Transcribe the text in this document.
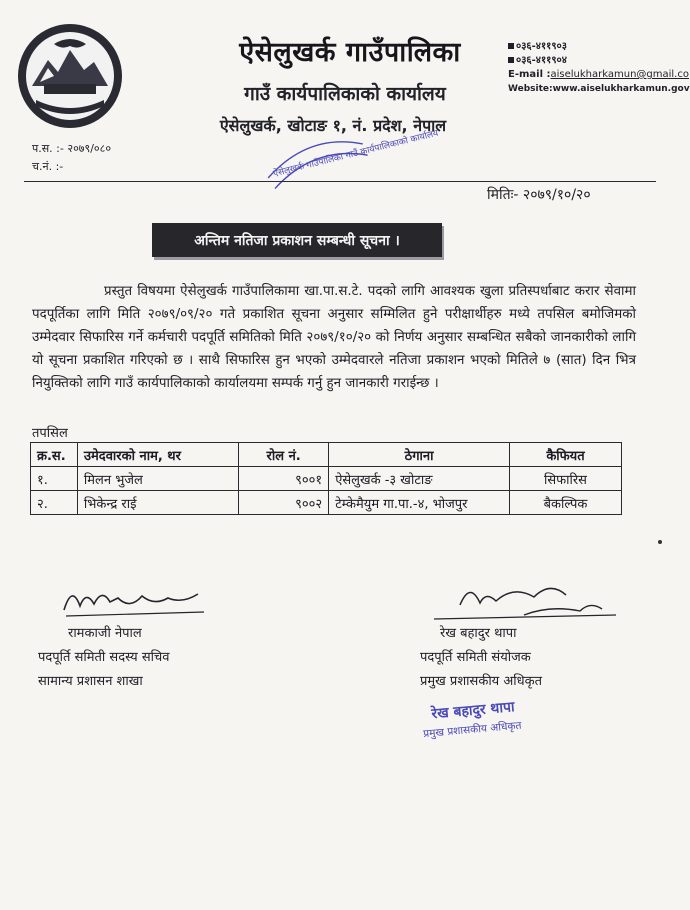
ऐसेलुखर्क गाउँपालिका
गाउँ कार्यपालिकाको कार्यालय
ऐसेलुखर्क, खोटाङ १, नं. प्रदेश, नेपाल
०३६-४११९०३
०३६-४११९०४
E-mail :aiselukharkamun@gmail.co
Website:www.aiselukharkamun.gov
प.स. :- २०७९/०८०
च.नं. :-	ऐसेलुखर्क गाउँपालिका गाउँ कार्यपालिकाको कार्यालय
मितिः- २०७९/१०/२०
अन्तिम नतिजा प्रकाशन सम्बन्धी सूचना ।

प्रस्तुत विषयमा ऐसेलुखर्क गाउँपालिकामा खा.पा.स.टे. पदको लागि आवश्यक खुला प्रतिस्पर्धाबाट करार सेवामा पदपूर्तिका लागि मिति २०७९/०९/२० गते प्रकाशित सूचना अनुसार सम्मिलित हुने परीक्षार्थीहरु मध्ये तपसिल बमोजिमको उम्मेदवार सिफारिस गर्ने कर्मचारी पदपूर्ति समितिको मिति २०७९/१०/२० को निर्णय अनुसार सम्बन्धित सबैको जानकारीको लागि यो सूचना प्रकाशित गरिएको छ । साथै सिफारिस हुन भएको उम्मेदवारले नतिजा प्रकाशन भएको मितिले ७ (सात) दिन भित्र नियुक्तिको लागि गाउँ कार्यपालिकाको कार्यालयमा सम्पर्क गर्नु हुन जानकारी गराईन्छ ।

तपसिल
क्र.स.	उमेदवारको नाम, थर	रोल नं.	ठेगाना	कैफियत
१.	मिलन भुजेल	९००१	ऐसेलुखर्क -३ खोटाङ	सिफारिस
२.	भिकेन्द्र राई	९००२	टेम्केमैयुम गा.पा.-४, भोजपुर	बैकल्पिक
रामकाजी नेपाल
पदपूर्ति समिती सदस्य सचिव
सामान्य प्रशासन शाखा
रेख बहादुर थापा
पदपूर्ति समिती संयोजक
प्रमुख प्रशासकीय अधिकृत
रेख बहादुर थापा
प्रमुख प्रशासकीय अधिकृत
